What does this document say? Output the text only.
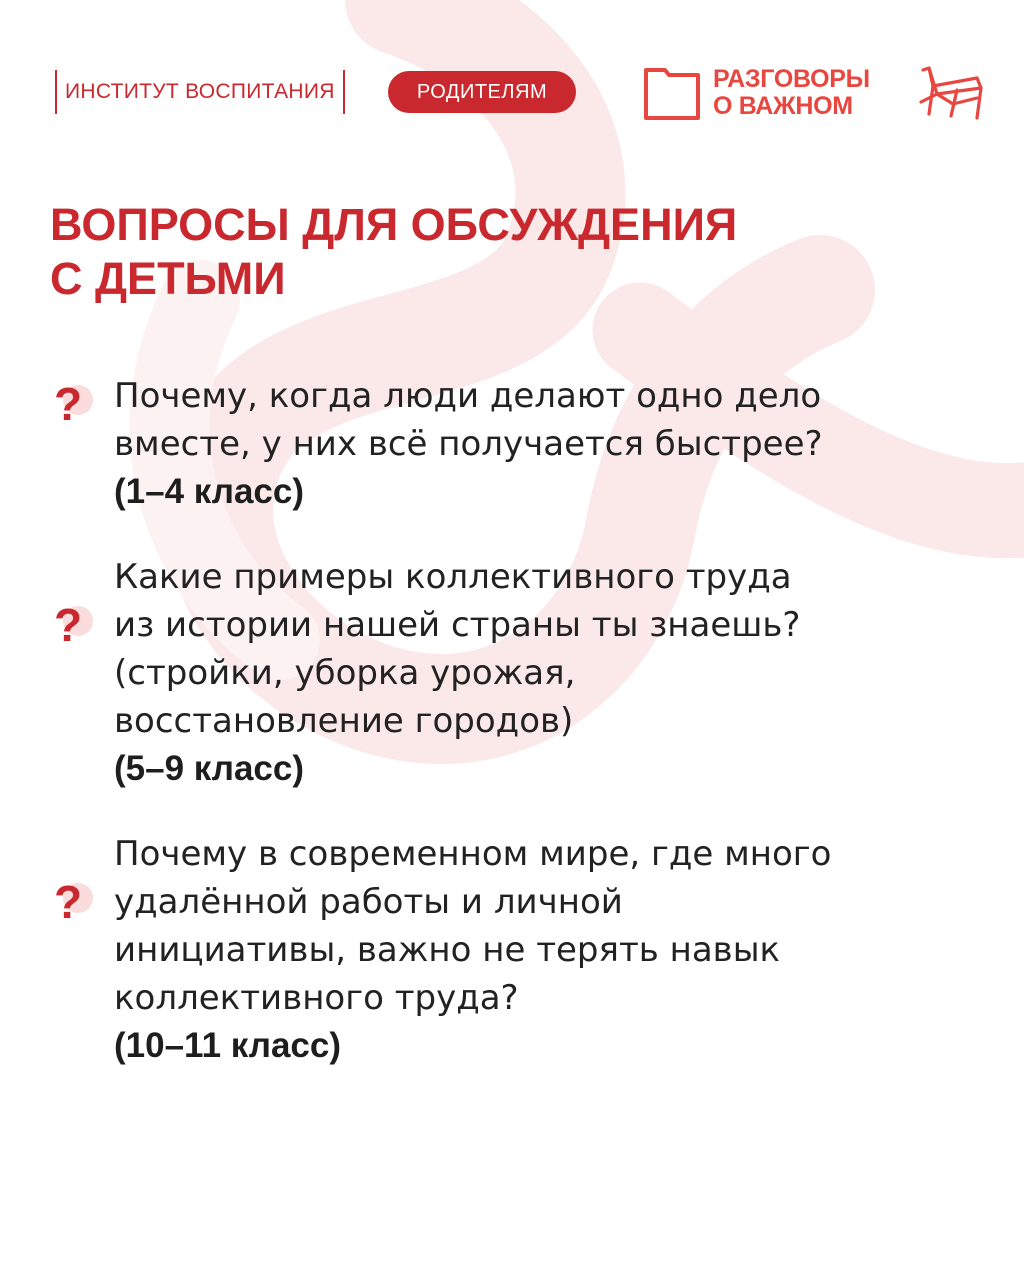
ИНСТИТУТ ВОСПИТАНИЯ	РОДИТЕЛЯМ	РАЗГОВОРЫ
О ВАЖНОМ
ВОПРОСЫ ДЛЯ ОБСУЖДЕНИЯ
С ДЕТЬМИ
? Почему, когда люди делают одно дело
вместе, у них всё получается быстрее?
(1–4 класс)
?
Какие примеры коллективного труда
из истории нашей страны ты знаешь?
(стройки, уборка урожая,
восстановление городов)
(5–9 класс)
?
Почему в современном мире, где много
удалённой работы и личной
инициативы, важно не терять навык
коллективного труда?
(10–11 класс)
